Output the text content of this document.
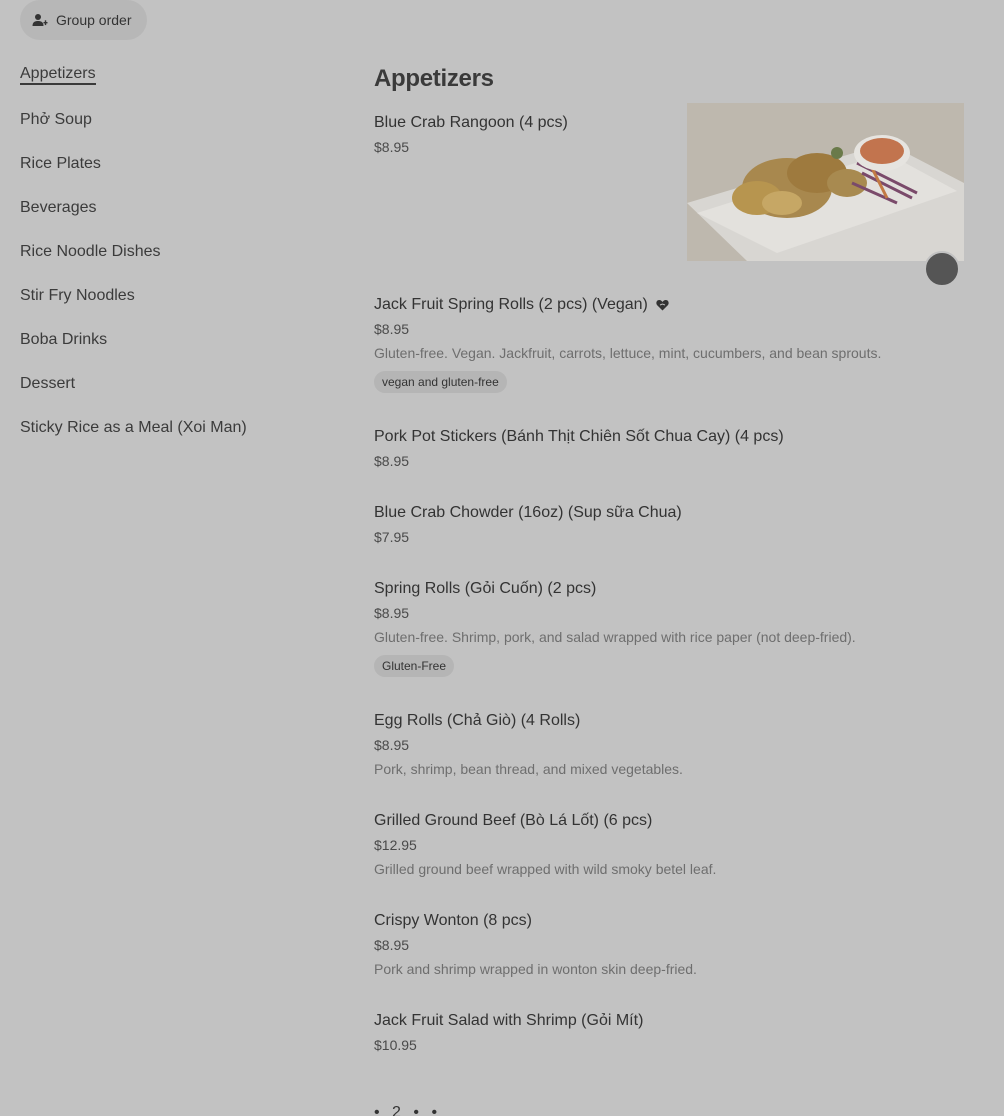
Group order
Appetizers
Phở Soup
Rice Plates
Beverages
Rice Noodle Dishes
Stir Fry Noodles
Boba Drinks
Dessert
Sticky Rice as a Meal (Xoi Man)
Appetizers
Blue Crab Rangoon (4 pcs)
$8.95
Jack Fruit Spring Rolls (2 pcs) (Vegan)
$8.95
Gluten-free. Vegan. Jackfruit, carrots, lettuce, mint, cucumbers, and bean sprouts.
vegan and gluten-free
Pork Pot Stickers (Bánh Thịt Chiên Sốt Chua Cay) (4 pcs)
$8.95
Blue Crab Chowder (16oz) (Sup sữa Chua)
$7.95
Spring Rolls (Gỏi Cuốn) (2 pcs)
$8.95
Gluten-free. Shrimp, pork, and salad wrapped with rice paper (not deep-fried).
Gluten-Free
Egg Rolls (Chả Giò) (4 Rolls)
$8.95
Pork, shrimp, bean thread, and mixed vegetables.
Grilled Ground Beef (Bò Lá Lốt) (6 pcs)
$12.95
Grilled ground beef wrapped with wild smoky betel leaf.
Crispy Wonton (8 pcs)
$8.95
Pork and shrimp wrapped in wonton skin deep-fried.
Jack Fruit Salad with Shrimp (Gỏi Mít)
$10.95
• 2 • •
